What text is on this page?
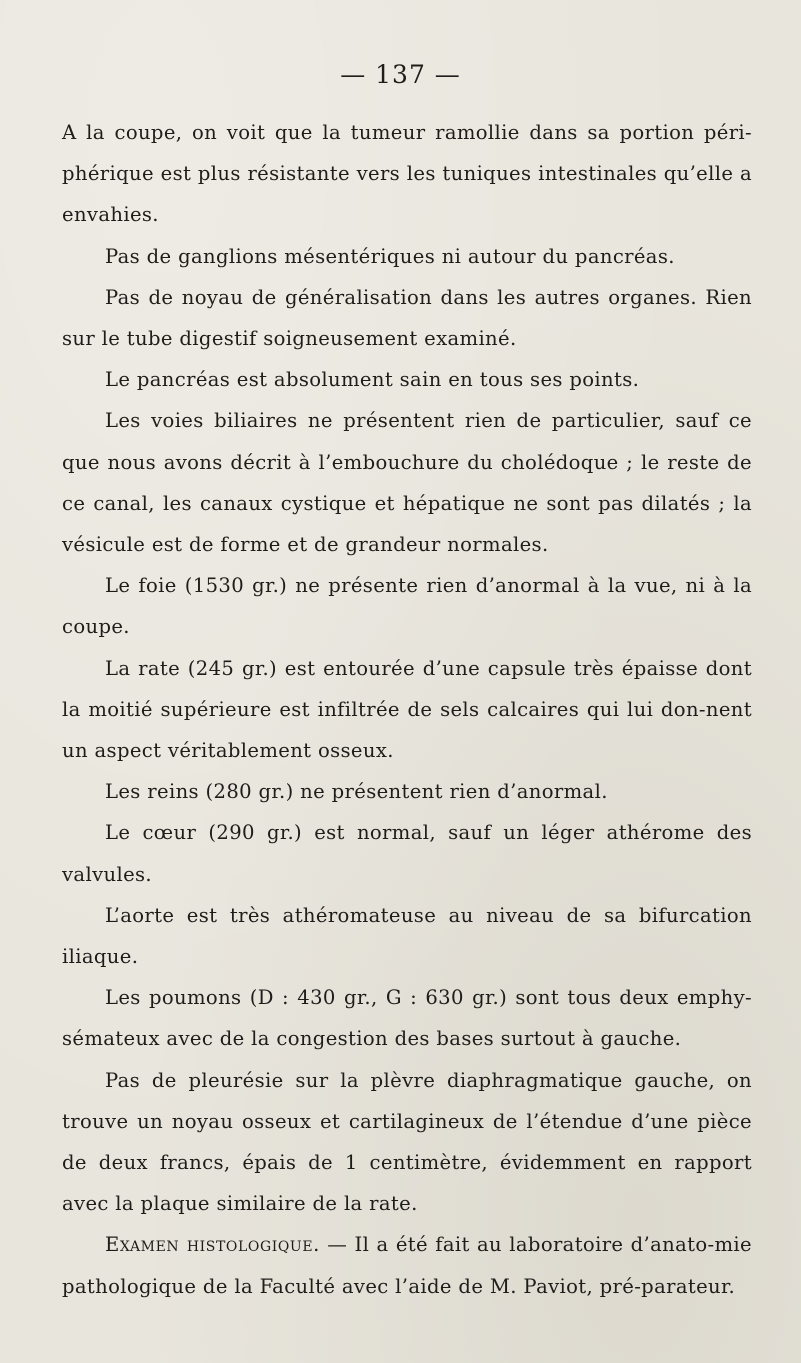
— 137 —

A la coupe, on voit que la tumeur ramollie dans sa portion péri-phérique est plus résistante vers les tuniques intestinales qu’elle a envahies.

Pas de ganglions mésentériques ni autour du pancréas.

Pas de noyau de généralisation dans les autres organes. Rien sur le tube digestif soigneusement examiné.

Le pancréas est absolument sain en tous ses points.

Les voies biliaires ne présentent rien de particulier, sauf ce que nous avons décrit à l’embouchure du cholédoque ; le reste de ce canal, les canaux cystique et hépatique ne sont pas dilatés ; la vésicule est de forme et de grandeur normales.

Le foie (1530 gr.) ne présente rien d’anormal à la vue, ni à la coupe.

La rate (245 gr.) est entourée d’une capsule très épaisse dont la moitié supérieure est infiltrée de sels calcaires qui lui don-nent un aspect véritablement osseux.

Les reins (280 gr.) ne présentent rien d’anormal.

Le cœur (290 gr.) est normal, sauf un léger athérome des valvules.

L’aorte est très athéromateuse au niveau de sa bifurcation iliaque.

Les poumons (D : 430 gr., G : 630 gr.) sont tous deux emphy-sémateux avec de la congestion des bases surtout à gauche.

Pas de pleurésie sur la plèvre diaphragmatique gauche, on trouve un noyau osseux et cartilagineux de l’étendue d’une pièce de deux francs, épais de 1 centimètre, évidemment en rapport avec la plaque similaire de la rate.

Examen histologique. — Il a été fait au laboratoire d’anato-mie pathologique de la Faculté avec l’aide de M. Paviot, pré-parateur.
